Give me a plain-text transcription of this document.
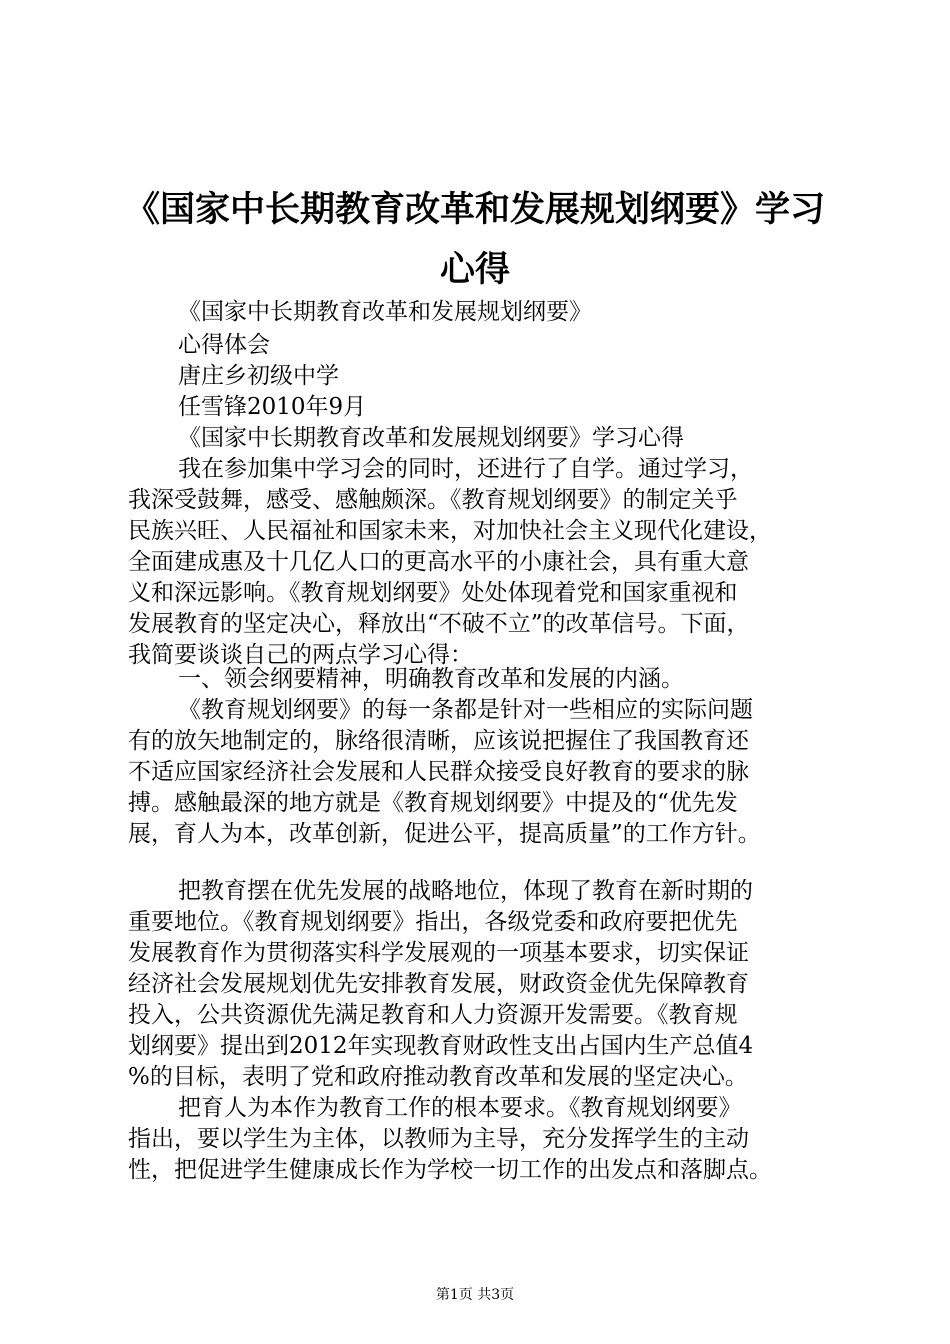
《国家中长期教育改革和发展规划纲要》学习
心得

《国家中长期教育改革和发展规划纲要》

心得体会

唐庄乡初级中学

任雪锋2010年9月

《国家中长期教育改革和发展规划纲要》学习心得

我在参加集中学习会的同时，还进行了自学。通过学习，

我深受鼓舞，感受、感触颇深。《教育规划纲要》的制定关乎

民族兴旺、人民福祉和国家未来，对加快社会主义现代化建设，

全面建成惠及十几亿人口的更高水平的小康社会，具有重大意

义和深远影响。《教育规划纲要》处处体现着党和国家重视和

发展教育的坚定决心，释放出“不破不立”的改革信号。下面，

我简要谈谈自己的两点学习心得：

一、领会纲要精神，明确教育改革和发展的内涵。

《教育规划纲要》的每一条都是针对一些相应的实际问题

有的放矢地制定的，脉络很清晰，应该说把握住了我国教育还

不适应国家经济社会发展和人民群众接受良好教育的要求的脉

搏。感触最深的地方就是《教育规划纲要》中提及的“优先发

展，育人为本，改革创新，促进公平，提高质量”的工作方针。

把教育摆在优先发展的战略地位，体现了教育在新时期的

重要地位。《教育规划纲要》指出，各级党委和政府要把优先

发展教育作为贯彻落实科学发展观的一项基本要求，切实保证

经济社会发展规划优先安排教育发展，财政资金优先保障教育

投入，公共资源优先满足教育和人力资源开发需要。《教育规

划纲要》提出到2012年实现教育财政性支出占国内生产总值4

%的目标，表明了党和政府推动教育改革和发展的坚定决心。

把育人为本作为教育工作的根本要求。《教育规划纲要》

指出，要以学生为主体，以教师为主导，充分发挥学生的主动

性，把促进学生健康成长作为学校一切工作的出发点和落脚点。

第1页 共3页
